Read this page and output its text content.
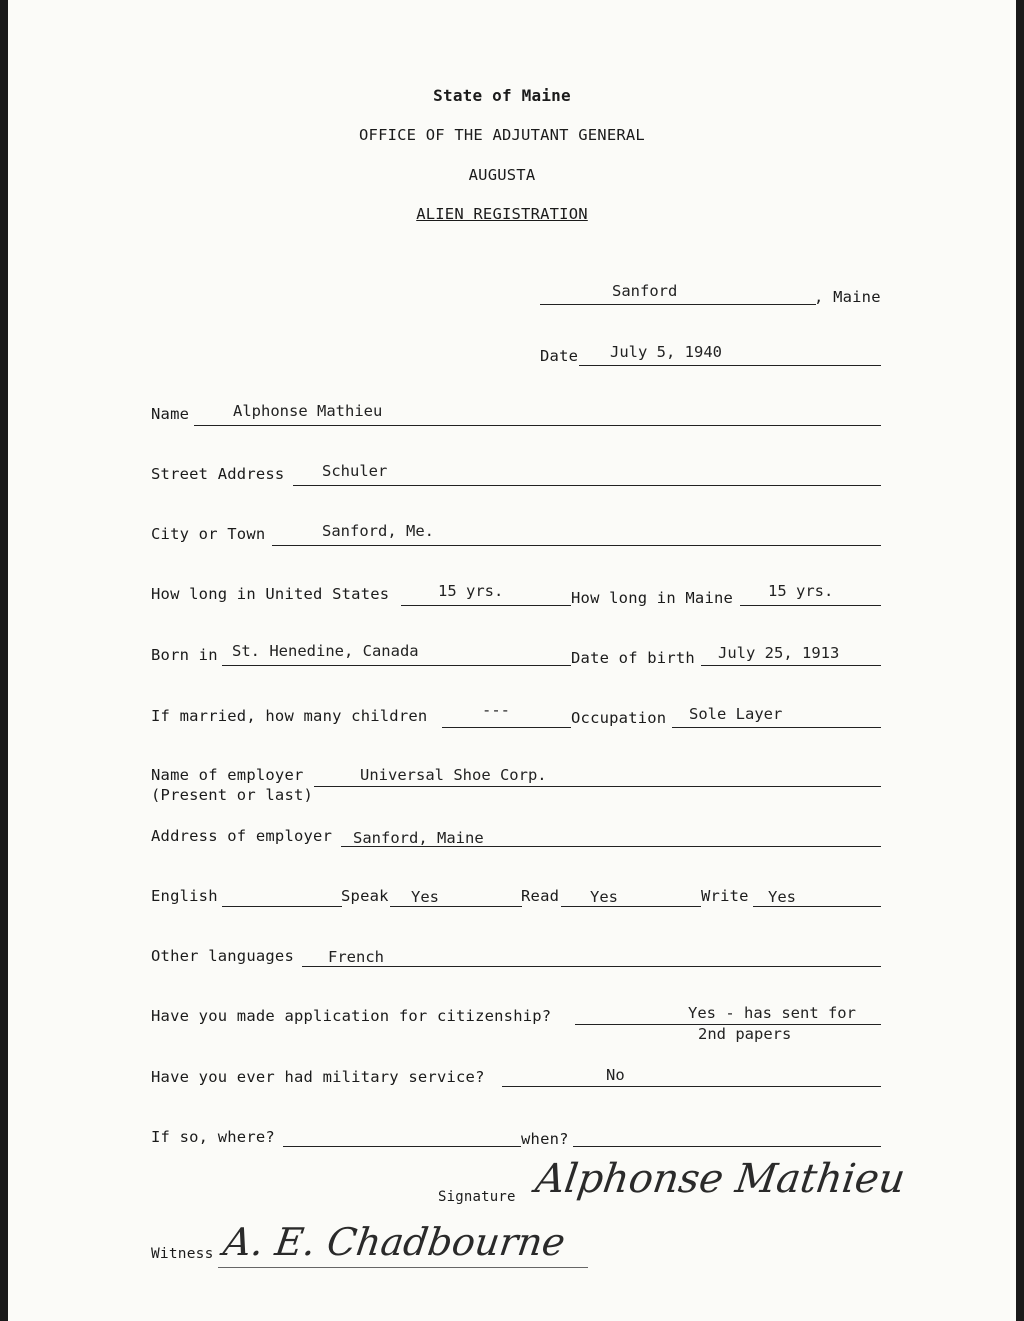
State of Maine
OFFICE OF THE ADJUTANT GENERAL
AUGUSTA
ALIEN REGISTRATION
Sanford	, Maine
Date July 5, 1940
Name	Alphonse Mathieu
Street Address Schuler
City or Town	Sanford, Me.
How long in United States	15 yrs.	How long in Maine 15 yrs.
Born in St. Henedine, Canada	Date of birth July 25, 1913
If married, how many children	---	Occupation Sole Layer
Name of employer
(Present or last)
Universal Shoe Corp.
Address of employer Sanford, Maine
English	Speak Yes	Read Yes	Write Yes
Other languages French
Have you made application for citizenship?	Yes - has sent for
2nd papers
Have you ever had military service?	No
If so, where?	when?
Signature Alphonse Mathieu
Witness A. E. Chadbourne
